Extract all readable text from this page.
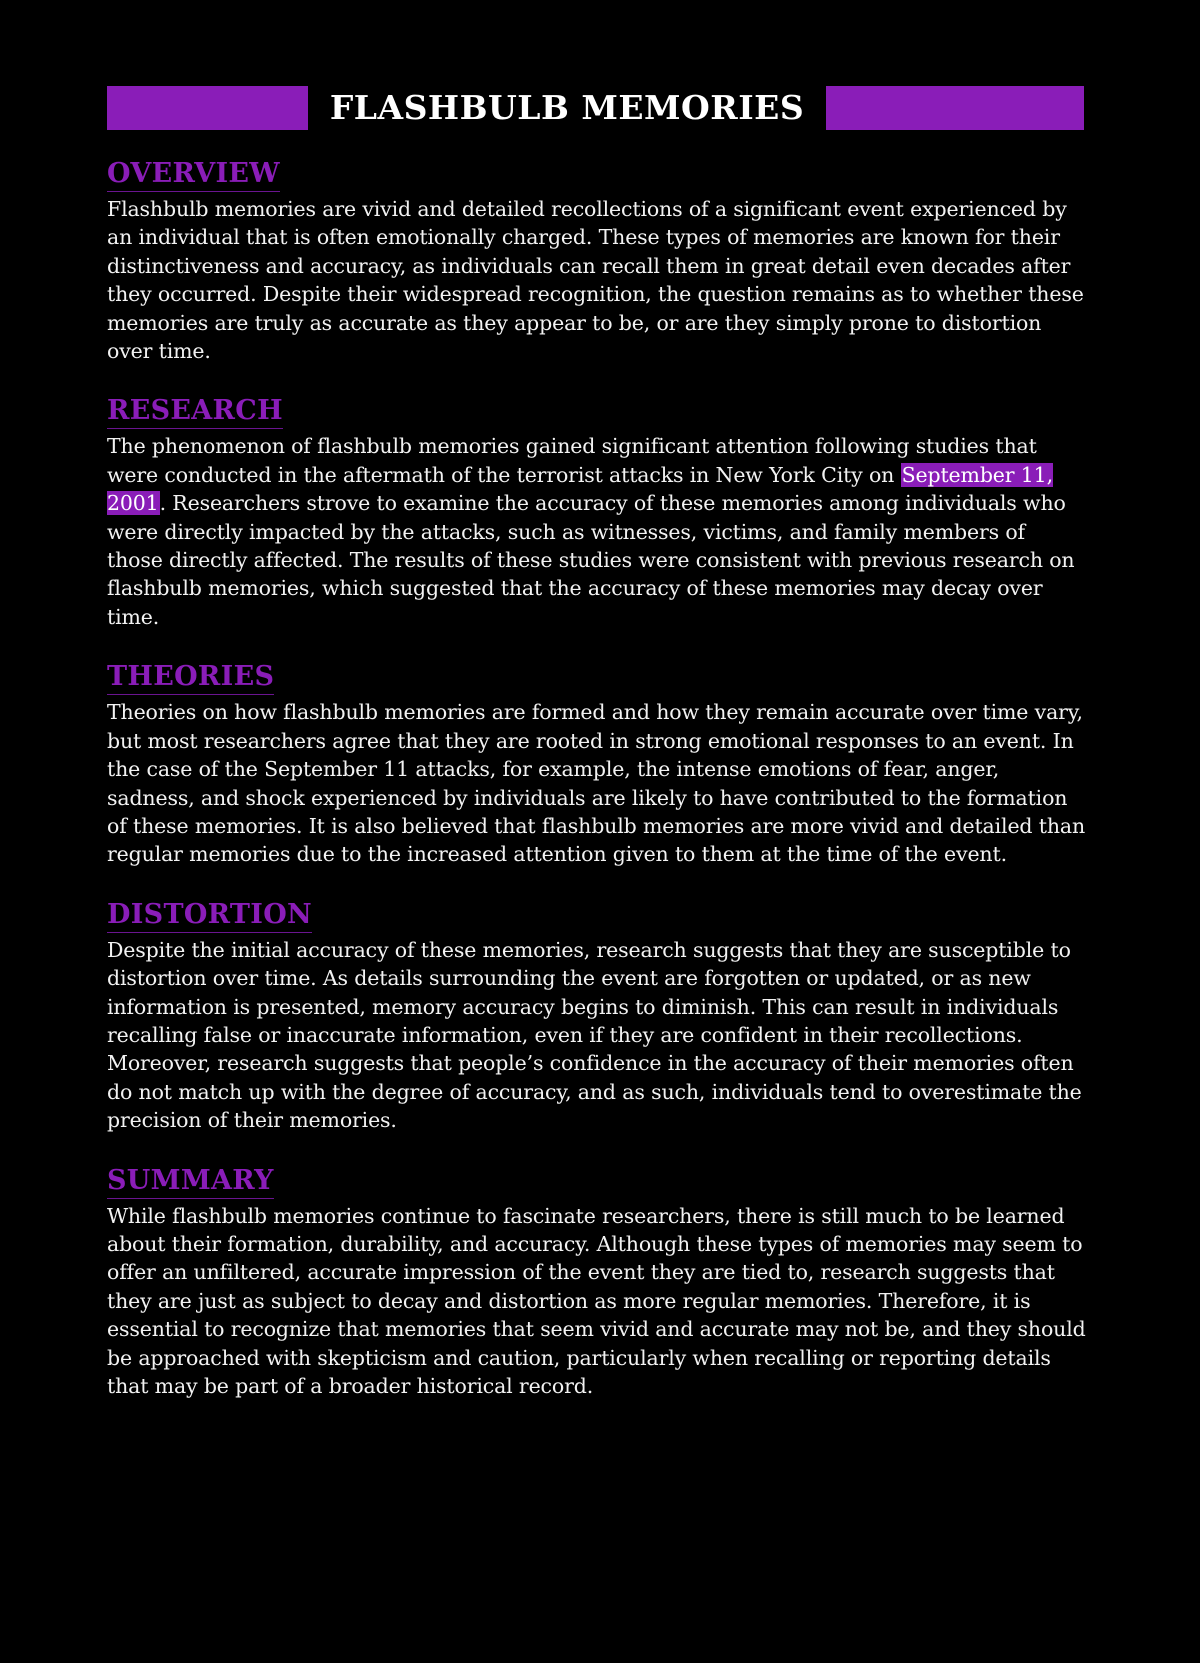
FLASHBULB MEMORIES
OVERVIEW

Flashbulb memories are vivid and detailed recollections of a significant event experienced by an individual that is often emotionally charged. These types of memories are known for their distinctiveness and accuracy, as individuals can recall them in great detail even decades after they occurred. Despite their widespread recognition, the question remains as to whether these memories are truly as accurate as they appear to be, or are they simply prone to distortion over time.

RESEARCH

The phenomenon of flashbulb memories gained significant attention following studies that were conducted in the aftermath of the terrorist attacks in New York City on September 11, 2001. Researchers strove to examine the accuracy of these memories among individuals who were directly impacted by the attacks, such as witnesses, victims, and family members of those directly affected. The results of these studies were consistent with previous research on flashbulb memories, which suggested that the accuracy of these memories may decay over time.

THEORIES

Theories on how flashbulb memories are formed and how they remain accurate over time vary, but most researchers agree that they are rooted in strong emotional responses to an event. In the case of the September 11 attacks, for example, the intense emotions of fear, anger, sadness, and shock experienced by individuals are likely to have contributed to the formation of these memories. It is also believed that flashbulb memories are more vivid and detailed than regular memories due to the increased attention given to them at the time of the event.

DISTORTION

Despite the initial accuracy of these memories, research suggests that they are susceptible to distortion over time. As details surrounding the event are forgotten or updated, or as new information is presented, memory accuracy begins to diminish. This can result in individuals recalling false or inaccurate information, even if they are confident in their recollections. Moreover, research suggests that people’s confidence in the accuracy of their memories often do not match up with the degree of accuracy, and as such, individuals tend to overestimate the precision of their memories.

SUMMARY

While flashbulb memories continue to fascinate researchers, there is still much to be learned about their formation, durability, and accuracy. Although these types of memories may seem to offer an unfiltered, accurate impression of the event they are tied to, research suggests that they are just as subject to decay and distortion as more regular memories. Therefore, it is essential to recognize that memories that seem vivid and accurate may not be, and they should be approached with skepticism and caution, particularly when recalling or reporting details that may be part of a broader historical record.
